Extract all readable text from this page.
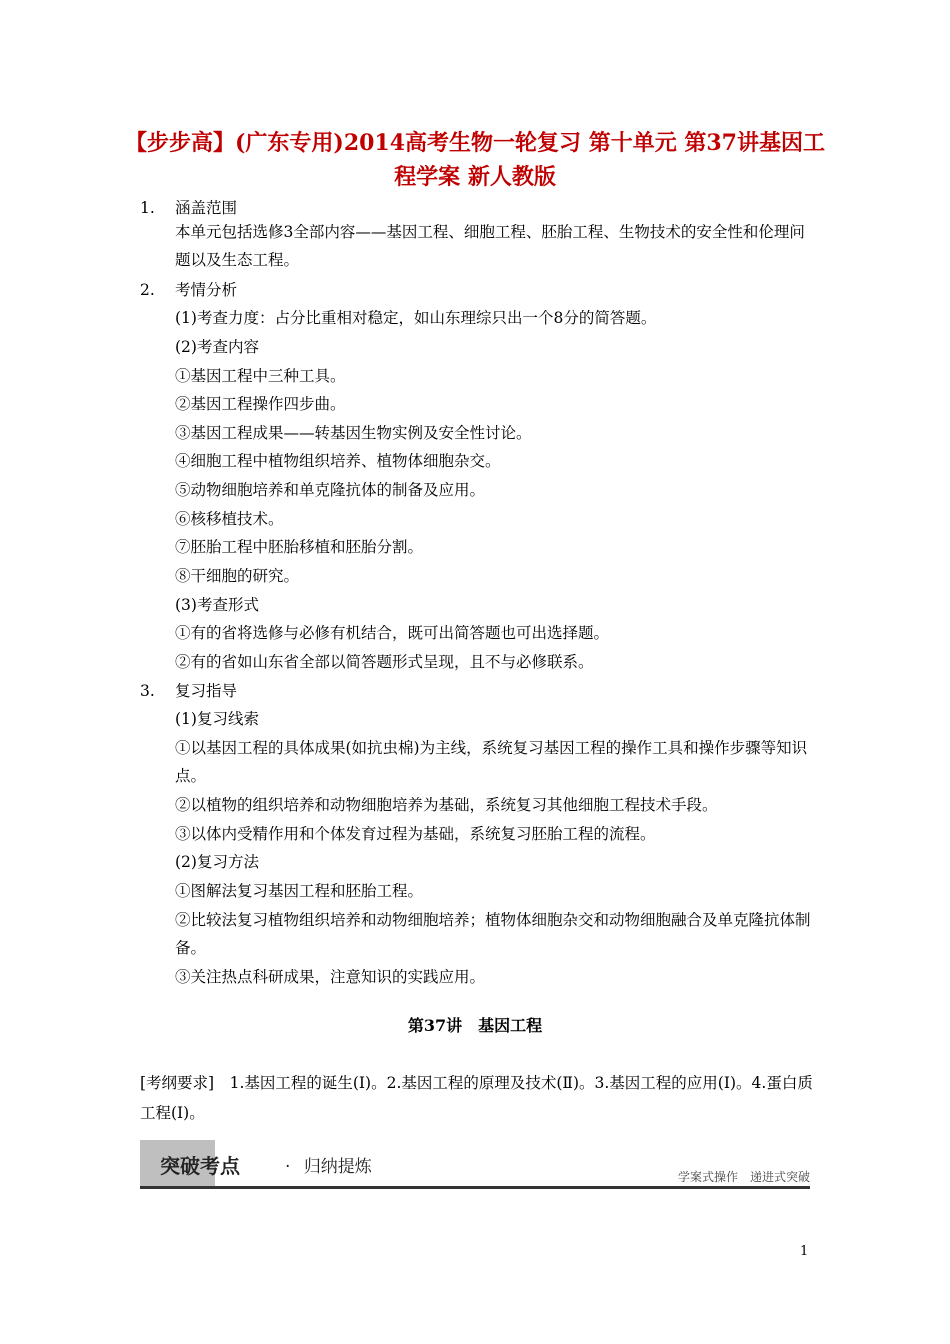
【步步高】(广东专用)2014高考生物一轮复习 第十单元 第37讲基因工程学案 新人教版
1. 涵盖范围
本单元包括选修3全部内容——基因工程、细胞工程、胚胎工程、生物技术的安全性和伦理问题以及生态工程。
2. 考情分析
(1)考查力度：占分比重相对稳定，如山东理综只出一个8分的简答题。
(2)考查内容
①基因工程中三种工具。
②基因工程操作四步曲。
③基因工程成果——转基因生物实例及安全性讨论。
④细胞工程中植物组织培养、植物体细胞杂交。
⑤动物细胞培养和单克隆抗体的制备及应用。
⑥核移植技术。
⑦胚胎工程中胚胎移植和胚胎分割。
⑧干细胞的研究。
(3)考查形式
①有的省将选修与必修有机结合，既可出简答题也可出选择题。
②有的省如山东省全部以简答题形式呈现，且不与必修联系。
3. 复习指导
(1)复习线索
①以基因工程的具体成果(如抗虫棉)为主线，系统复习基因工程的操作工具和操作步骤等知识点。
②以植物的组织培养和动物细胞培养为基础，系统复习其他细胞工程技术手段。
③以体内受精作用和个体发育过程为基础，系统复习胚胎工程的流程。
(2)复习方法
①图解法复习基因工程和胚胎工程。
②比较法复习植物组织培养和动物细胞培养；植物体细胞杂交和动物细胞融合及单克隆抗体制备。
③关注热点科研成果，注意知识的实践应用。
第37讲　基因工程
[考纲要求]　1.基因工程的诞生(Ⅰ)。2.基因工程的原理及技术(Ⅱ)。3.基因工程的应用(Ⅰ)。4.蛋白质工程(Ⅰ)。
突破考点	· 归纳提炼	学案式操作　递进式突破
1
